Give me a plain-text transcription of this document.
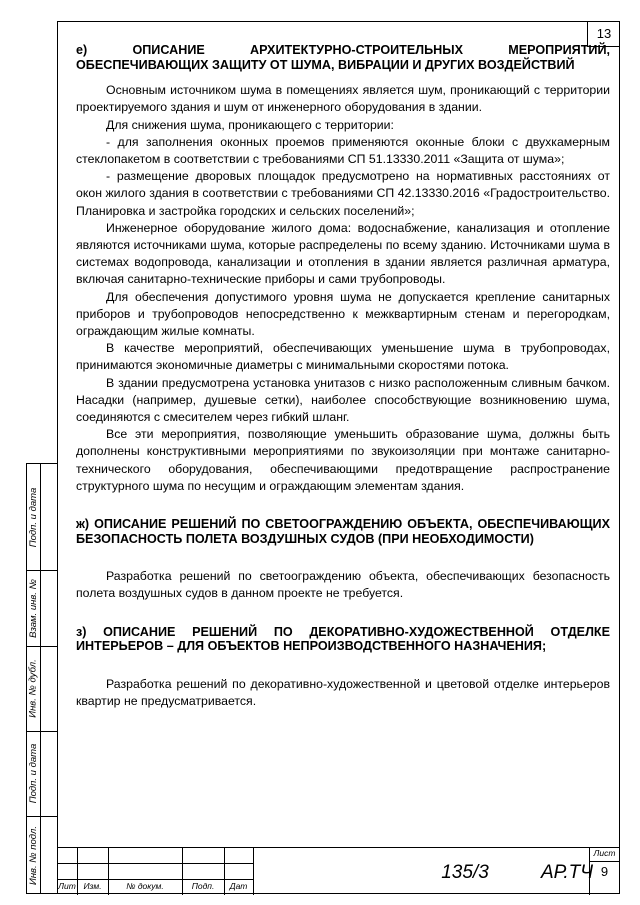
13
Подп. и дата
Взам. инв. №
Инв. № дубл.
Подп. и дата
Инв. № подл.
е) ОПИСАНИЕ АРХИТЕКТУРНО-СТРОИТЕЛЬНЫХ МЕРОПРИЯТИЙ, ОБЕСПЕЧИВАЮЩИХ ЗАЩИТУ ОТ ШУМА, ВИБРАЦИИ И ДРУГИХ ВОЗДЕЙСТВИЙ

Основным источником шума в помещениях является шум, проникающий с территории проектируемого здания и шум от инженерного оборудования в здании.

Для снижения шума, проникающего с территории:

- для заполнения оконных проемов применяются оконные блоки с двухкамерным стеклопакетом в соответствии с требованиями СП 51.13330.2011 «Защита от шума»;

- размещение дворовых площадок предусмотрено на нормативных расстояниях от окон жилого здания в соответствии с требованиями СП 42.13330.2016 «Градостроительство. Планировка и застройка городских и сельских поселений»;

Инженерное оборудование жилого дома: водоснабжение, канализация и отопление являются источниками шума, которые распределены по всему зданию. Источниками шума в системах водопровода, канализации и отопления в здании является различная арматура, включая санитарно-технические приборы и сами трубопроводы.

Для обеспечения допустимого уровня шума не допускается крепление санитарных приборов и трубопроводов непосредственно к межквартирным стенам и перегородкам, ограждающим жилые комнаты.

В качестве мероприятий, обеспечивающих уменьшение шума в трубопроводах, принимаются экономичные диаметры с минимальными скоростями потока.

В здании предусмотрена установка унитазов с низко расположенным сливным бачком. Насадки (например, душевые сетки), наиболее способствующие возникновению шума, соединяются с смесителем через гибкий шланг.

Все эти мероприятия, позволяющие уменьшить образование шума, должны быть дополнены конструктивными мероприятиями по звукоизоляции при монтаже санитарно-технического оборудования, обеспечивающими предотвращение распространение структурного шума по несущим и ограждающим элементам здания.

ж) ОПИСАНИЕ РЕШЕНИЙ ПО СВЕТООГРАЖДЕНИЮ ОБЪЕКТА, ОБЕСПЕЧИВАЮЩИХ БЕЗОПАСНОСТЬ ПОЛЕТА ВОЗДУШНЫХ СУДОВ (ПРИ НЕОБХОДИМОСТИ)

Разработка решений по светоограждению объекта, обеспечивающих безопасность полета воздушных судов в данном проекте не требуется.

з) ОПИСАНИЕ РЕШЕНИЙ ПО ДЕКОРАТИВНО-ХУДОЖЕСТВЕННОЙ ОТДЕЛКЕ ИНТЕРЬЕРОВ – ДЛЯ ОБЪЕКТОВ НЕПРОИЗВОДСТВЕННОГО НАЗНАЧЕНИЯ;

Разработка решений по декоративно-художественной и цветовой отделке интерьеров квартир не предусматривается.

Лит Изм.	№ докум.	Подп.	Дат
135/3	АР.ТЧ
Лист
9
